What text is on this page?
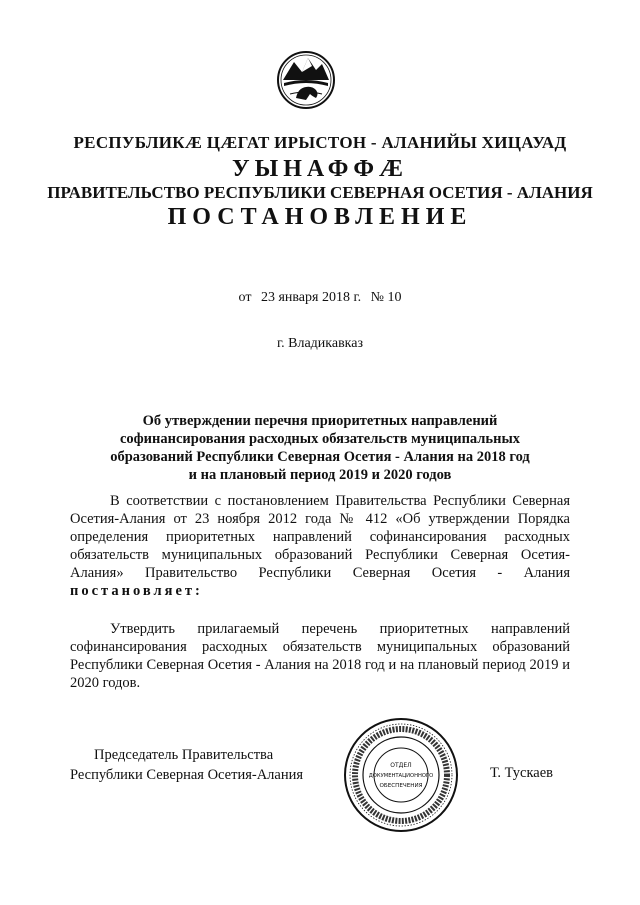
РЕСПУБЛИКÆ ЦÆГАТ ИРЫСТОН - АЛАНИЙЫ ХИЦАУАД
УЫНАФФÆ
ПРАВИТЕЛЬСТВО РЕСПУБЛИКИ СЕВЕРНАЯ ОСЕТИЯ - АЛАНИЯ
ПОСТАНОВЛЕНИЕ
от 23 января 2018 г. № 10
г. Владикавказ
Об утверждении перечня приоритетных направлений софинансирования расходных обязательств муниципальных образований Республики Северная Осетия - Алания на 2018 год и на плановый период 2019 и 2020 годов
В соответствии с постановлением Правительства Республики Северная Осетия-Алания от 23 ноября 2012 года № 412 «Об утверждении Порядка определения приоритетных направлений софинансирования расходных обязательств муниципальных образований Республики Северная Осетия-Алания» Правительство Республики Северная Осетия - Алания постановляет:
Утвердить прилагаемый перечень приоритетных направлений софинансирования расходных обязательств муниципальных образований Республики Северная Осетия - Алания на 2018 год и на плановый период 2019 и 2020 годов.
Председатель Правительства
Республики Северная Осетия-Алания
ОТДЕЛ
ДОКУМЕНТАЦИОННОГО
ОБЕСПЕЧЕНИЯ
Т. Тускаев
